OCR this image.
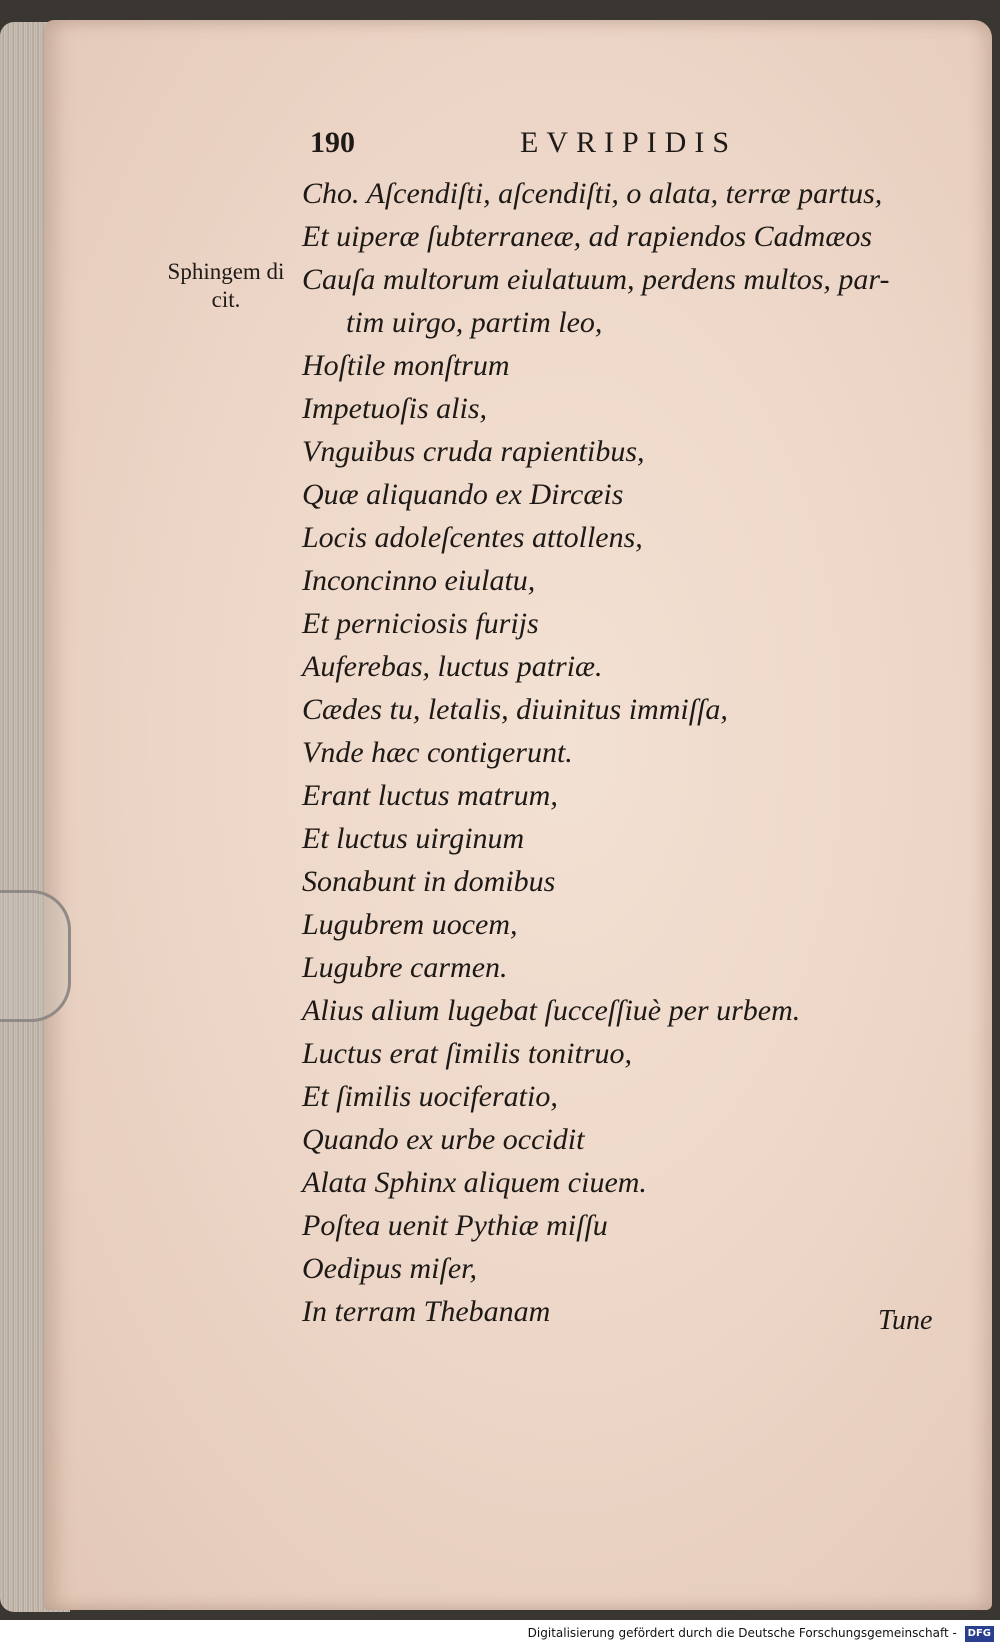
190	EVRIPIDIS
Sphingem di
cit.
Cho. Aſcendiſti, aſcendiſti, o alata, terræ partus,
Et uiperæ ſubterraneæ, ad rapiendos Cadmæos
Cauſa multorum eiulatuum, perdens multos, par-
tim uirgo, partim leo,
Hoſtile monſtrum
Impetuoſis alis,
Vnguibus cruda rapientibus,
Quæ aliquando ex Dircæis
Locis adoleſcentes attollens,
Inconcinno eiulatu,
Et perniciosis furijs
Auferebas, luctus patriæ.
Cædes tu, letalis, diuinitus immiſſa,
Vnde hæc contigerunt.
Erant luctus matrum,
Et luctus uirginum
Sonabunt in domibus
Lugubrem uocem,
Lugubre carmen.
Alius alium lugebat ſucceſſiuè per urbem.
Luctus erat ſimilis tonitruo,
Et ſimilis uociferatio,
Quando ex urbe occidit
Alata Sphinx aliquem ciuem.
Poſtea uenit Pythiæ miſſu
Oedipus miſer,
In terram Thebanam	Tune
Digitalisierung gefördert durch die Deutsche Forschungsgemeinschaft - DFG
